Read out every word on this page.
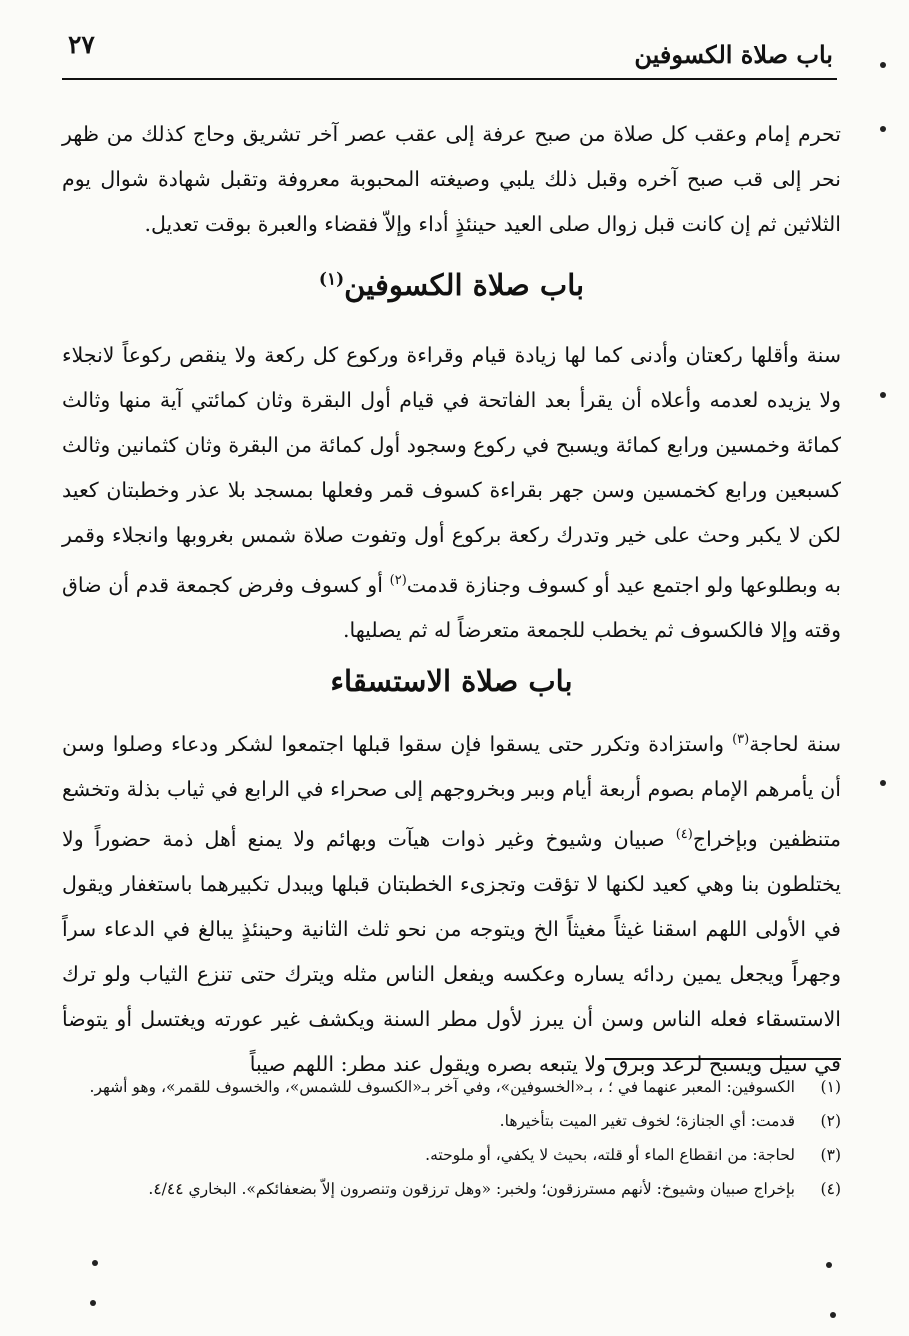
٢٧	باب صلاة الكسوفين

تحرم إمام وعقب كل صلاة من صبح عرفة إلى عقب عصر آخر تشريق وحاج كذلك من ظهر نحر إلى قب صبح آخره وقبل ذلك يلبي وصيغته المحبوبة معروفة وتقبل شهادة شوال يوم الثلاثين ثم إن كانت قبل زوال صلى العيد حينئذٍ أداء وإلاّ فقضاء والعبرة بوقت تعديل.

باب صلاة الكسوفين$^{(١)}$

سنة وأقلها ركعتان وأدنى كما لها زيادة قيام وقراءة وركوع كل ركعة ولا ينقص ركوعاً لانجلاء ولا يزيده لعدمه وأعلاه أن يقرأ بعد الفاتحة في قيام أول البقرة وثان كمائتي آية منها وثالث كمائة وخمسين ورابع كمائة ويسبح في ركوع وسجود أول كمائة من البقرة وثان كثمانين وثالث كسبعين ورابع كخمسين وسن جهر بقراءة كسوف قمر وفعلها بمسجد بلا عذر وخطبتان كعيد لكن لا يكبر وحث على خير وتدرك ركعة بركوع أول وتفوت صلاة شمس بغروبها وانجلاء وقمر به وبطلوعها ولو اجتمع عيد أو كسوف وجنازة قدمت$^{(٢)}$ أو كسوف وفرض كجمعة قدم أن ضاق وقته وإلا فالكسوف ثم يخطب للجمعة متعرضاً له ثم يصليها.

باب صلاة الاستسقاء

سنة لحاجة$^{(٣)}$ واستزادة وتكرر حتى يسقوا فإن سقوا قبلها اجتمعوا لشكر ودعاء وصلوا وسن أن يأمرهم الإمام بصوم أربعة أيام وببر وبخروجهم إلى صحراء في الرابع في ثياب بذلة وتخشع متنظفين وبإخراج$^{(٤)}$ صبيان وشيوخ وغير ذوات هيآت وبهائم ولا يمنع أهل ذمة حضوراً ولا يختلطون بنا وهي كعيد لكنها لا تؤقت وتجزىء الخطبتان قبلها ويبدل تكبيرهما باستغفار ويقول في الأولى اللهم اسقنا غيثاً مغيثاً الخ ويتوجه من نحو ثلث الثانية وحينئذٍ يبالغ في الدعاء سراً وجهراً ويجعل يمين ردائه يساره وعكسه ويفعل الناس مثله ويترك حتى تنزع الثياب ولو ترك الاستسقاء فعله الناس وسن أن يبرز لأول مطر السنة ويكشف غير عورته ويغتسل أو يتوضأ في سيل ويسبح لرعد وبرق ولا يتبعه بصره ويقول عند مطر: اللهم صيباً

(١)
الكسوفين: المعبر عنهما في ؛ ، بـ«الخسوفين»، وفي آخر بـ«الكسوف للشمس»، والخسوف للقمر»، وهو أشهر.
(٢)
قدمت: أي الجنازة؛ لخوف تغير الميت بتأخيرها.
(٣)
لحاجة: من انقطاع الماء أو قلته، بحيث لا يكفي، أو ملوحته.
(٤)
بإخراج صبيان وشيوخ: لأنهم مسترزقون؛ ولخبر: «وهل ترزقون وتنصرون إلاّ بضعفائكم». البخاري ٤/٤٤.
